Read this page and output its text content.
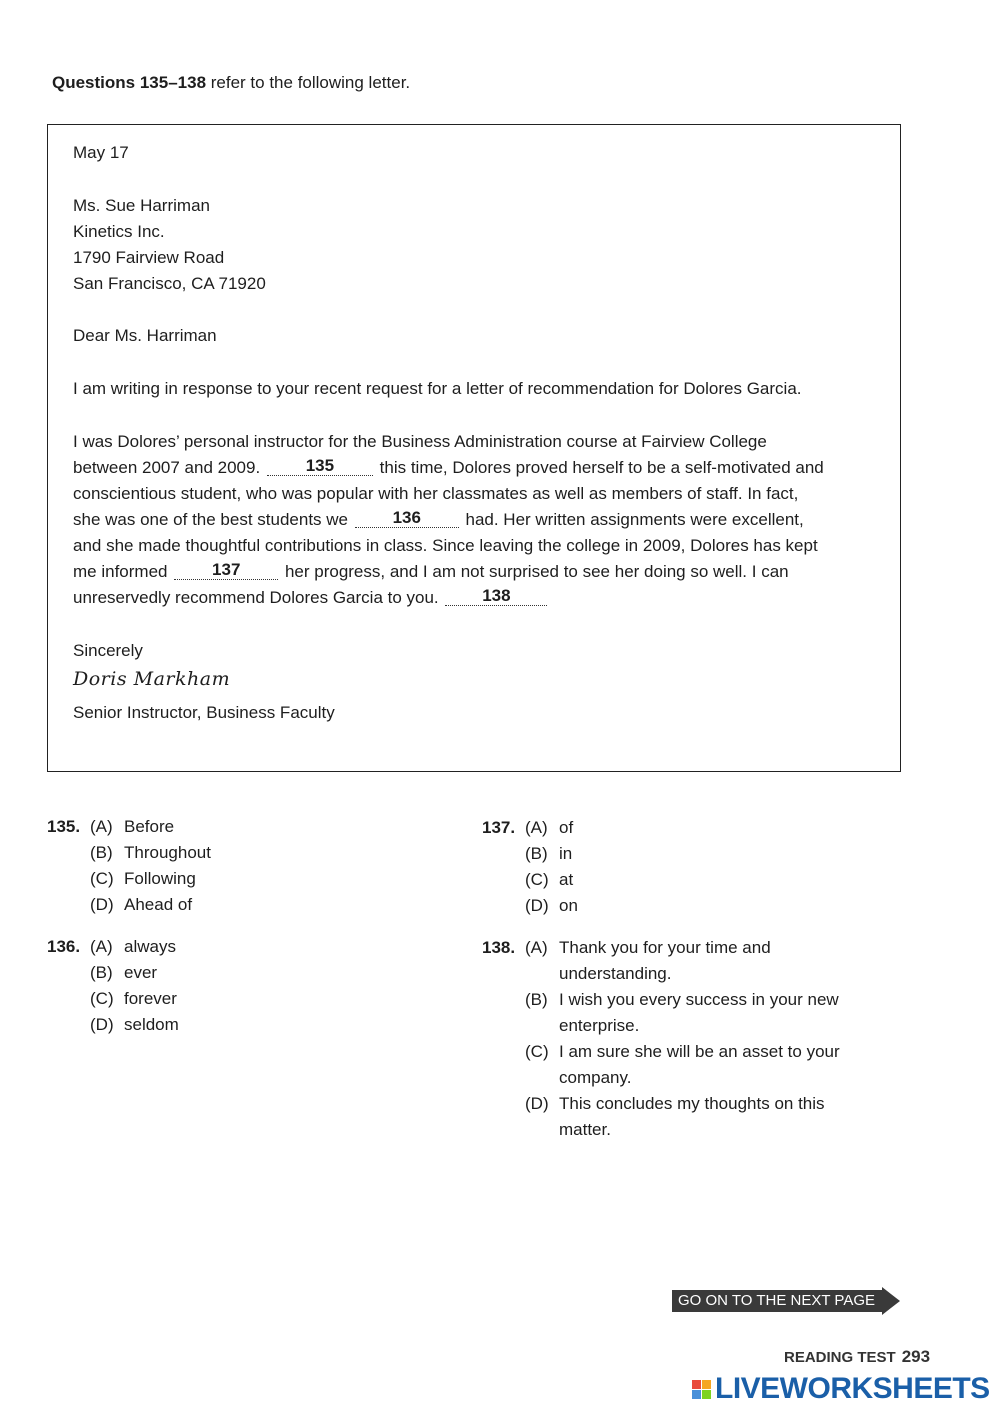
Questions 135–138 refer to the following letter.
May 17
Ms. Sue Harriman
Kinetics Inc.
1790 Fairview Road
San Francisco, CA 71920
Dear Ms. Harriman
I am writing in response to your recent request for a letter of recommendation for Dolores Garcia.
I was Dolores’ personal instructor for the Business Administration course at Fairview College
between 2007 and 2009.	135	this time, Dolores proved herself to be a self-motivated and
conscientious student, who was popular with her classmates as well as members of staff. In fact,
she was one of the best students we	136	had. Her written assignments were excellent,
and she made thoughtful contributions in class. Since leaving the college in 2009, Dolores has kept
me informed	137	her progress, and I am not surprised to see her doing so well. I can
unreservedly recommend Dolores Garcia to you.	138
Sincerely
Doris Markham
Senior Instructor, Business Faculty
135. (A) Before
(B) Throughout
(C) Following
(D) Ahead of
136. (A) always
(B) ever
(C) forever
(D) seldom
137. (A) of
(B) in
(C) at
(D) on
138. (A) Thank you for your time and understanding.
(B) I wish you every success in your new enterprise.
(C) I am sure she will be an asset to your company.
(D) This concludes my thoughts on this matter.
GO ON TO THE NEXT PAGE
READING TEST 293
LIVEWORKSHEETS
